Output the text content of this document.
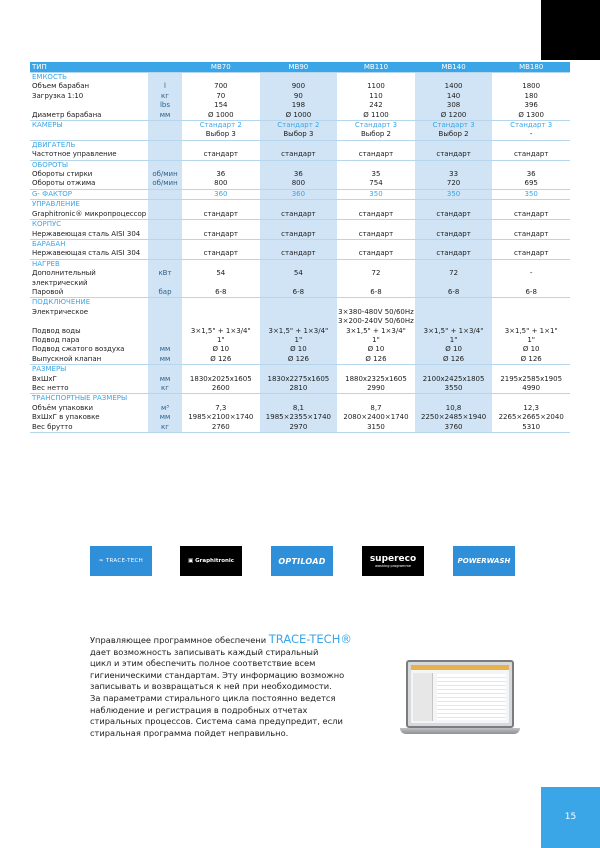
ТИП		MB70	MB90	MB110	MB140	MB180
ЕМКОСТЬ						
Объем барабан	l	700	900	1100	1400	1800
Загрузка 1:10	кг	70	90	110	140	180
	lbs	154	198	242	308	396
Диаметр барабана	мм	Ø 1000	Ø 1000	Ø 1100	Ø 1200	Ø 1300
КАМЕРЫ		Стандарт 2	Стандарт 2	Стандарт 3	Стандарт 3	Стандарт 3
		Выбор 3	Выбор 3	Выбор 2	Выбор 2	-
ДВИГАТЕЛЬ						
Частотное управление		стандарт	стандарт	стандарт	стандарт	стандарт
ОБОРОТЫ						
Обороты стирки	об/мин	36	36	35	33	36
Обороты отжима	об/мин	800	800	754	720	695
G- ФАКТОР		360	360	350	350	350
УПРАВЛЕНИЕ						
Graphitronic® микропроцессор		стандарт	стандарт	стандарт	стандарт	стандарт
КОРПУС						
Нержавеющая сталь AISI 304		стандарт	стандарт	стандарт	стандарт	стандарт
БАРАБАН						
Нержавеющая сталь AISI 304		стандарт	стандарт	стандарт	стандарт	стандарт
НАГРЕВ						
Дополнительный	кВт	54	54	72	72	-
электрический						
Паровой	бар	6-8	6-8	6-8	6-8	6-8
ПОДКЛЮЧЕНИЕ						
Электрическое				3×380-480V 50/60Hz		
				3×200-240V 50/60Hz		
Подвод воды		3×1,5" + 1×3/4"	3×1,5" + 1×3/4"	3×1,5" + 1×3/4"	3×1,5" + 1×3/4"	3×1,5" + 1×1"
Подвод пара		1"	1"	1"	1"	1"
Подвод сжатого воздуха	мм	Ø 10	Ø 10	Ø 10	Ø 10	Ø 10
Выпускной клапан	мм	Ø 126	Ø 126	Ø 126	Ø 126	Ø 126
РАЗМЕРЫ						
ВхШхГ	мм	1830x2025x1605	1830x2275x1605	1880x2325x1605	2100x2425x1805	2195x2585x1905
Вес нетто	кг	2600	2810	2990	3550	4990
ТРАНСПОРТНЫЕ РАЗМЕРЫ						
Объём упаковки	м³	7,3	8,1	8,7	10,8	12,3
ВхШхГ в упаковке	мм	1985×2100×1740	1985×2355×1740	2080×2400×1740	2250×2485×1940	2265×2665×2040
Вес брутто	кг	2760	2970	3150	3760	5310
≈ TRACE-TECH	▣ Graphitronic	OPTILOAD	supereco
washing programme
POWERWASH
Управляющее программное обеспечени TRACE-TECH®
дает возможность записывать каждый стиральный
цикл и этим обеспечить полное соответствие всем
гигиеническими стандартам. Эту информацию возможно
записывать и возвращаться к ней при необходимости.
За параметрами стирального цикла постоянно ведется
наблюдение и регистрация в подробных отчетах
стиральных процессов. Система сама предупредит, если
стиральная программа пойдет неправильно.
15
